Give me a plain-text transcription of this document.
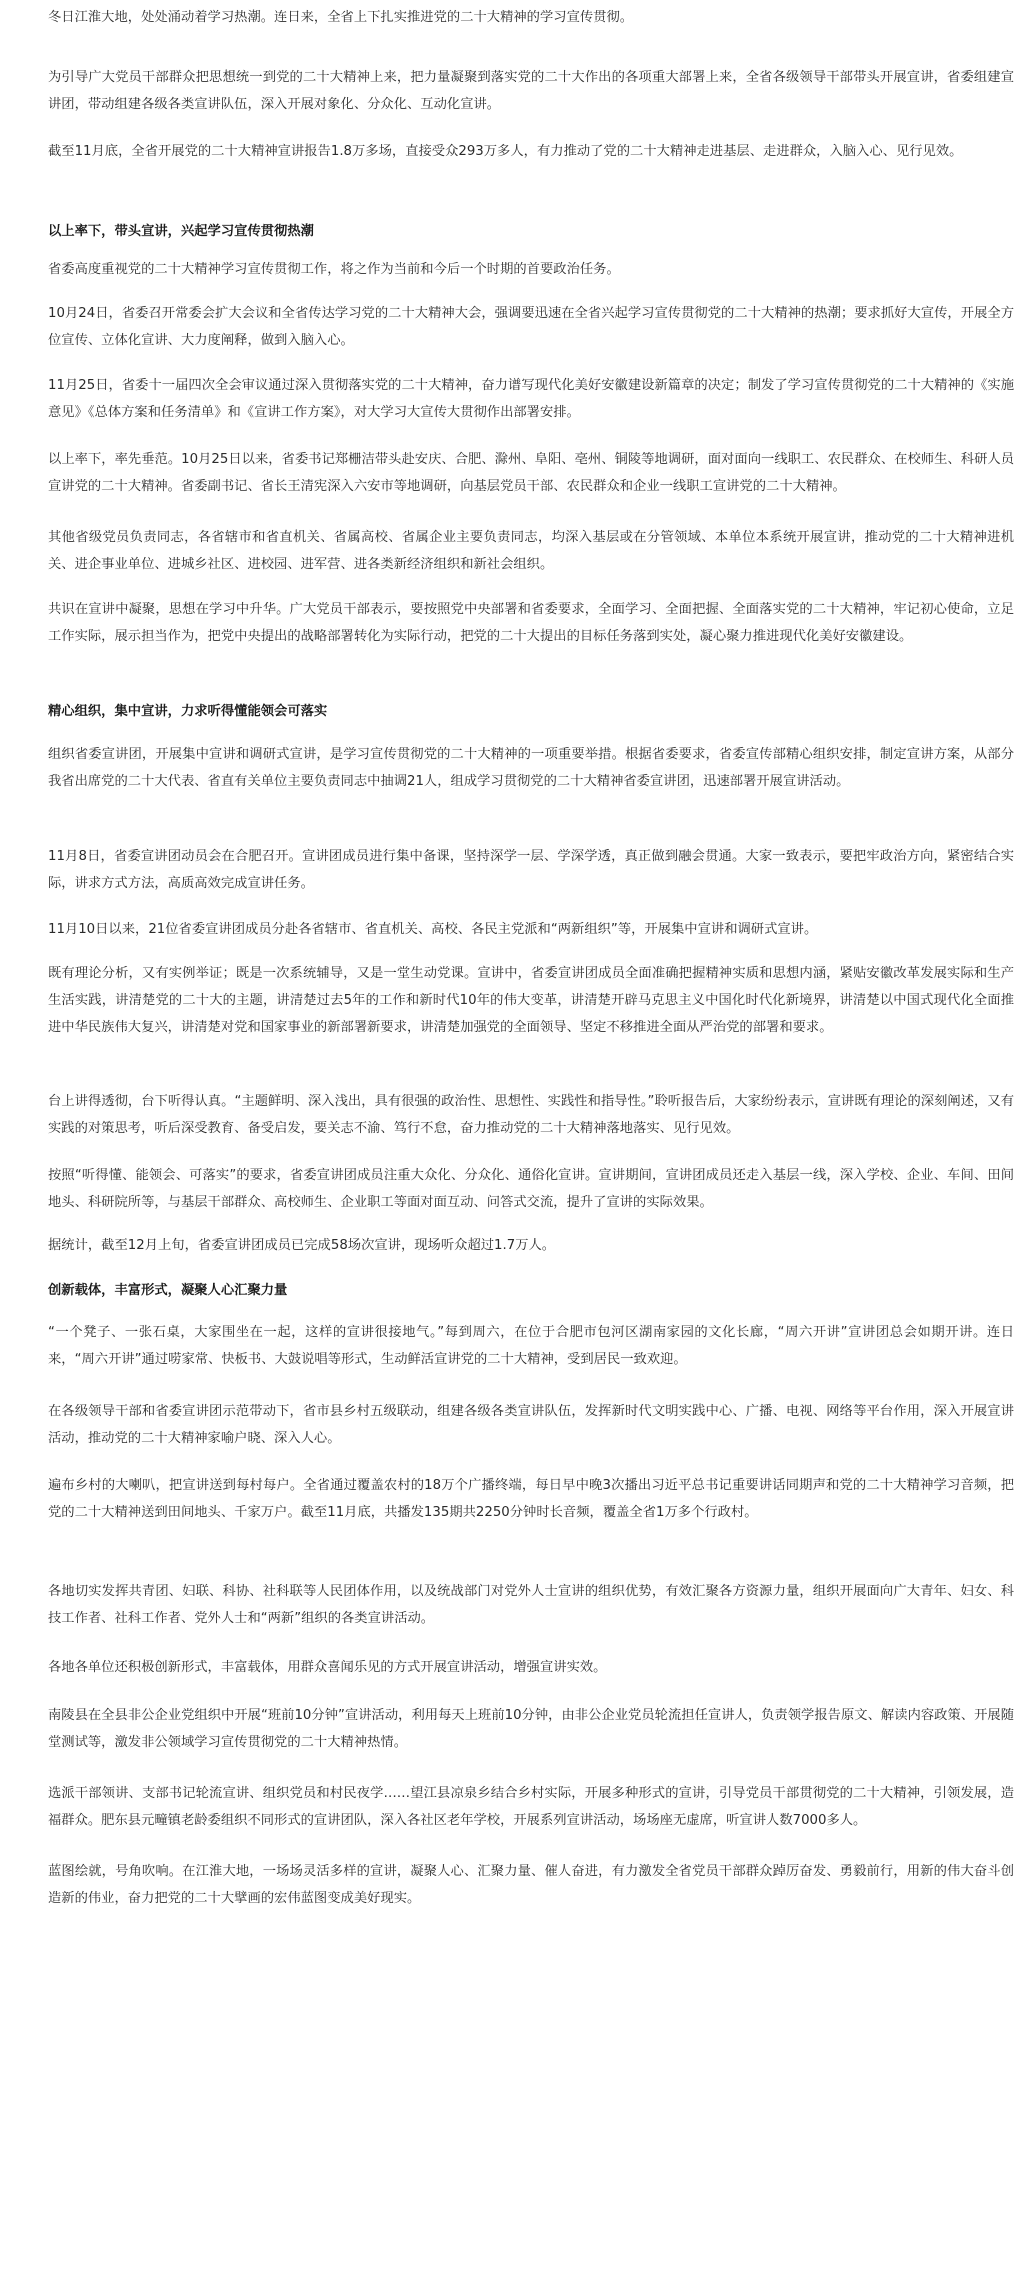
冬日江淮大地，处处涌动着学习热潮。连日来，全省上下扎实推进党的二十大精神的学习宣传贯彻。

为引导广大党员干部群众把思想统一到党的二十大精神上来，把力量凝聚到落实党的二十大作出的各项重大部署上来，全省各级领导干部带头开展宣讲，省委组建宣讲团，带动组建各级各类宣讲队伍，深入开展对象化、分众化、互动化宣讲。

截至11月底，全省开展党的二十大精神宣讲报告1.8万多场，直接受众293万多人，有力推动了党的二十大精神走进基层、走进群众，入脑入心、见行见效。

以上率下，带头宣讲，兴起学习宣传贯彻热潮

省委高度重视党的二十大精神学习宣传贯彻工作，将之作为当前和今后一个时期的首要政治任务。

10月24日，省委召开常委会扩大会议和全省传达学习党的二十大精神大会，强调要迅速在全省兴起学习宣传贯彻党的二十大精神的热潮；要求抓好大宣传，开展全方位宣传、立体化宣讲、大力度阐释，做到入脑入心。

11月25日，省委十一届四次全会审议通过深入贯彻落实党的二十大精神，奋力谱写现代化美好安徽建设新篇章的决定；制发了学习宣传贯彻党的二十大精神的《实施意见》《总体方案和任务清单》和《宣讲工作方案》，对大学习大宣传大贯彻作出部署安排。

以上率下，率先垂范。10月25日以来，省委书记郑栅洁带头赴安庆、合肥、滁州、阜阳、亳州、铜陵等地调研，面对面向一线职工、农民群众、在校师生、科研人员宣讲党的二十大精神。省委副书记、省长王清宪深入六安市等地调研，向基层党员干部、农民群众和企业一线职工宣讲党的二十大精神。

其他省级党员负责同志，各省辖市和省直机关、省属高校、省属企业主要负责同志，均深入基层或在分管领域、本单位本系统开展宣讲，推动党的二十大精神进机关、进企事业单位、进城乡社区、进校园、进军营、进各类新经济组织和新社会组织。

共识在宣讲中凝聚，思想在学习中升华。广大党员干部表示，要按照党中央部署和省委要求，全面学习、全面把握、全面落实党的二十大精神，牢记初心使命，立足工作实际，展示担当作为，把党中央提出的战略部署转化为实际行动，把党的二十大提出的目标任务落到实处，凝心聚力推进现代化美好安徽建设。

精心组织，集中宣讲，力求听得懂能领会可落实

组织省委宣讲团，开展集中宣讲和调研式宣讲，是学习宣传贯彻党的二十大精神的一项重要举措。根据省委要求，省委宣传部精心组织安排，制定宣讲方案，从部分我省出席党的二十大代表、省直有关单位主要负责同志中抽调21人，组成学习贯彻党的二十大精神省委宣讲团，迅速部署开展宣讲活动。

11月8日，省委宣讲团动员会在合肥召开。宣讲团成员进行集中备课，坚持深学一层、学深学透，真正做到融会贯通。大家一致表示，要把牢政治方向，紧密结合实际，讲求方式方法，高质高效完成宣讲任务。

11月10日以来，21位省委宣讲团成员分赴各省辖市、省直机关、高校、各民主党派和“两新组织”等，开展集中宣讲和调研式宣讲。

既有理论分析，又有实例举证；既是一次系统辅导，又是一堂生动党课。宣讲中，省委宣讲团成员全面准确把握精神实质和思想内涵，紧贴安徽改革发展实际和生产生活实践，讲清楚党的二十大的主题，讲清楚过去5年的工作和新时代10年的伟大变革，讲清楚开辟马克思主义中国化时代化新境界，讲清楚以中国式现代化全面推进中华民族伟大复兴，讲清楚对党和国家事业的新部署新要求，讲清楚加强党的全面领导、坚定不移推进全面从严治党的部署和要求。

台上讲得透彻，台下听得认真。“主题鲜明、深入浅出，具有很强的政治性、思想性、实践性和指导性。”聆听报告后，大家纷纷表示，宣讲既有理论的深刻阐述，又有实践的对策思考，听后深受教育、备受启发，要关志不渝、笃行不怠，奋力推动党的二十大精神落地落实、见行见效。

按照“听得懂、能领会、可落实”的要求，省委宣讲团成员注重大众化、分众化、通俗化宣讲。宣讲期间，宣讲团成员还走入基层一线，深入学校、企业、车间、田间地头、科研院所等，与基层干部群众、高校师生、企业职工等面对面互动、问答式交流，提升了宣讲的实际效果。

据统计，截至12月上旬，省委宣讲团成员已完成58场次宣讲，现场听众超过1.7万人。

创新载体，丰富形式，凝聚人心汇聚力量

“一个凳子、一张石桌，大家围坐在一起，这样的宣讲很接地气。”每到周六，在位于合肥市包河区湖南家园的文化长廊，“周六开讲”宣讲团总会如期开讲。连日来，“周六开讲”通过唠家常、快板书、大鼓说唱等形式，生动鲜活宣讲党的二十大精神，受到居民一致欢迎。

在各级领导干部和省委宣讲团示范带动下，省市县乡村五级联动，组建各级各类宣讲队伍，发挥新时代文明实践中心、广播、电视、网络等平台作用，深入开展宣讲活动，推动党的二十大精神家喻户晓、深入人心。

遍布乡村的大喇叭，把宣讲送到每村每户。全省通过覆盖农村的18万个广播终端，每日早中晚3次播出习近平总书记重要讲话同期声和党的二十大精神学习音频，把党的二十大精神送到田间地头、千家万户。截至11月底，共播发135期共2250分钟时长音频，覆盖全省1万多个行政村。

各地切实发挥共青团、妇联、科协、社科联等人民团体作用，以及统战部门对党外人士宣讲的组织优势，有效汇聚各方资源力量，组织开展面向广大青年、妇女、科技工作者、社科工作者、党外人士和“两新”组织的各类宣讲活动。

各地各单位还积极创新形式，丰富载体，用群众喜闻乐见的方式开展宣讲活动，增强宣讲实效。

南陵县在全县非公企业党组织中开展“班前10分钟”宣讲活动，利用每天上班前10分钟，由非公企业党员轮流担任宣讲人，负责领学报告原文、解读内容政策、开展随堂测试等，激发非公领域学习宣传贯彻党的二十大精神热情。

选派干部领讲、支部书记轮流宣讲、组织党员和村民夜学……望江县凉泉乡结合乡村实际，开展多种形式的宣讲，引导党员干部贯彻党的二十大精神，引领发展，造福群众。肥东县元疃镇老龄委组织不同形式的宣讲团队，深入各社区老年学校，开展系列宣讲活动，场场座无虚席，听宣讲人数7000多人。

蓝图绘就，号角吹响。在江淮大地，一场场灵活多样的宣讲，凝聚人心、汇聚力量、催人奋进，有力激发全省党员干部群众踔厉奋发、勇毅前行，用新的伟大奋斗创造新的伟业，奋力把党的二十大擘画的宏伟蓝图变成美好现实。
